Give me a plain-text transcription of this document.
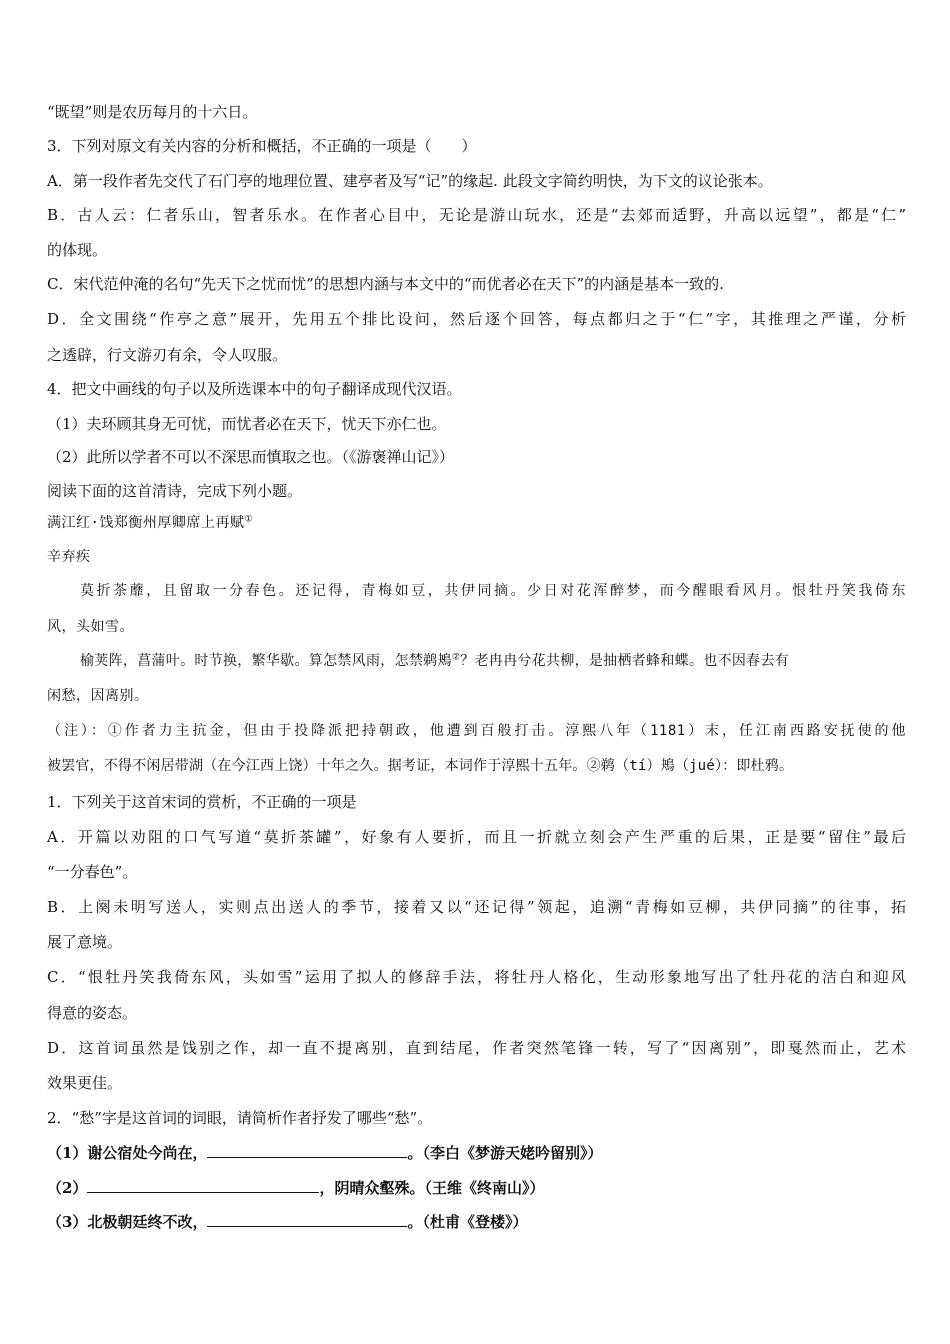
“既望”则是农历每月的十六日。
3．下列对原文有关内容的分析和概括，不正确的一项是（　　）
A．第一段作者先交代了石门亭的地理位置、建亭者及写“记”的缘起. 此段文字简约明快，为下文的议论张本。
B．古人云：仁者乐山，智者乐水。在作者心目中，无论是游山玩水，还是“去郊而适野，升高以远望”，都是“仁”
的体现。
C．宋代范仲淹的名句“先天下之忧而忧”的思想内涵与本文中的“而优者必在天下”的内涵是基本一致的.
D．全文围绕“作亭之意”展开，先用五个排比设问，然后逐个回答，每点都归之于“仁”字，其推理之严谨，分析
之透辟，行文游刃有余，令人叹服。
4．把文中画线的句子以及所选课本中的句子翻译成现代汉语。
（1）夫环顾其身无可忧，而忧者必在天下，忧天下亦仁也。
（2）此所以学者不可以不深思而慎取之也。（《游褒禅山记》）
阅读下面的这首清诗，完成下列小题。
满江红·饯郑衡州厚卿席上再赋①
辛弃疾
莫折茶蘼，且留取一分春色。还记得，青梅如豆，共伊同摘。少日对花浑醉梦，而今醒眼看风月。恨牡丹笑我倚东
风，头如雪。
榆荚阵，菖蒲叶。时节换，繁华歇。算怎禁风雨，怎禁鹈鴂②？老冉冉兮花共柳，是抽栖者蜂和蝶。也不因春去有
闲愁，因离别。
（注）：①作者力主抗金，但由于投降派把持朝政，他遭到百般打击。淳熙八年（1181）末，任江南西路安抚使的他
被罢官，不得不闲居带湖（在今江西上饶）十年之久。据考证，本词作于淳熙十五年。②鹈（tí）鴂（jué）：即杜鸦。
1．下列关于这首宋词的赏析，不正确的一项是
A．开篇以劝阻的口气写道“莫折茶罐”，好象有人要折，而且一折就立刻会产生严重的后果，正是要“留住”最后
“一分春色”。
B．上阕未明写送人，实则点出送人的季节，接着又以“还记得”领起，追溯“青梅如豆柳，共伊同摘”的往事，拓
展了意境。
C．“恨牡丹笑我倚东风，头如雪”运用了拟人的修辞手法，将牡丹人格化，生动形象地写出了牡丹花的洁白和迎风
得意的姿态。
D．这首词虽然是饯别之作，却一直不提离别，直到结尾，作者突然笔锋一转，写了“因离别”，即戛然而止，艺术
效果更佳。
2．“愁”字是这首词的词眼，请简析作者抒发了哪些“愁”。
（1）谢公宿处今尚在，	。（李白《梦游天姥吟留别》）
（2）	，阴晴众壑殊。（王维《终南山》）
（3）北极朝廷终不改，	。（杜甫《登楼》）
